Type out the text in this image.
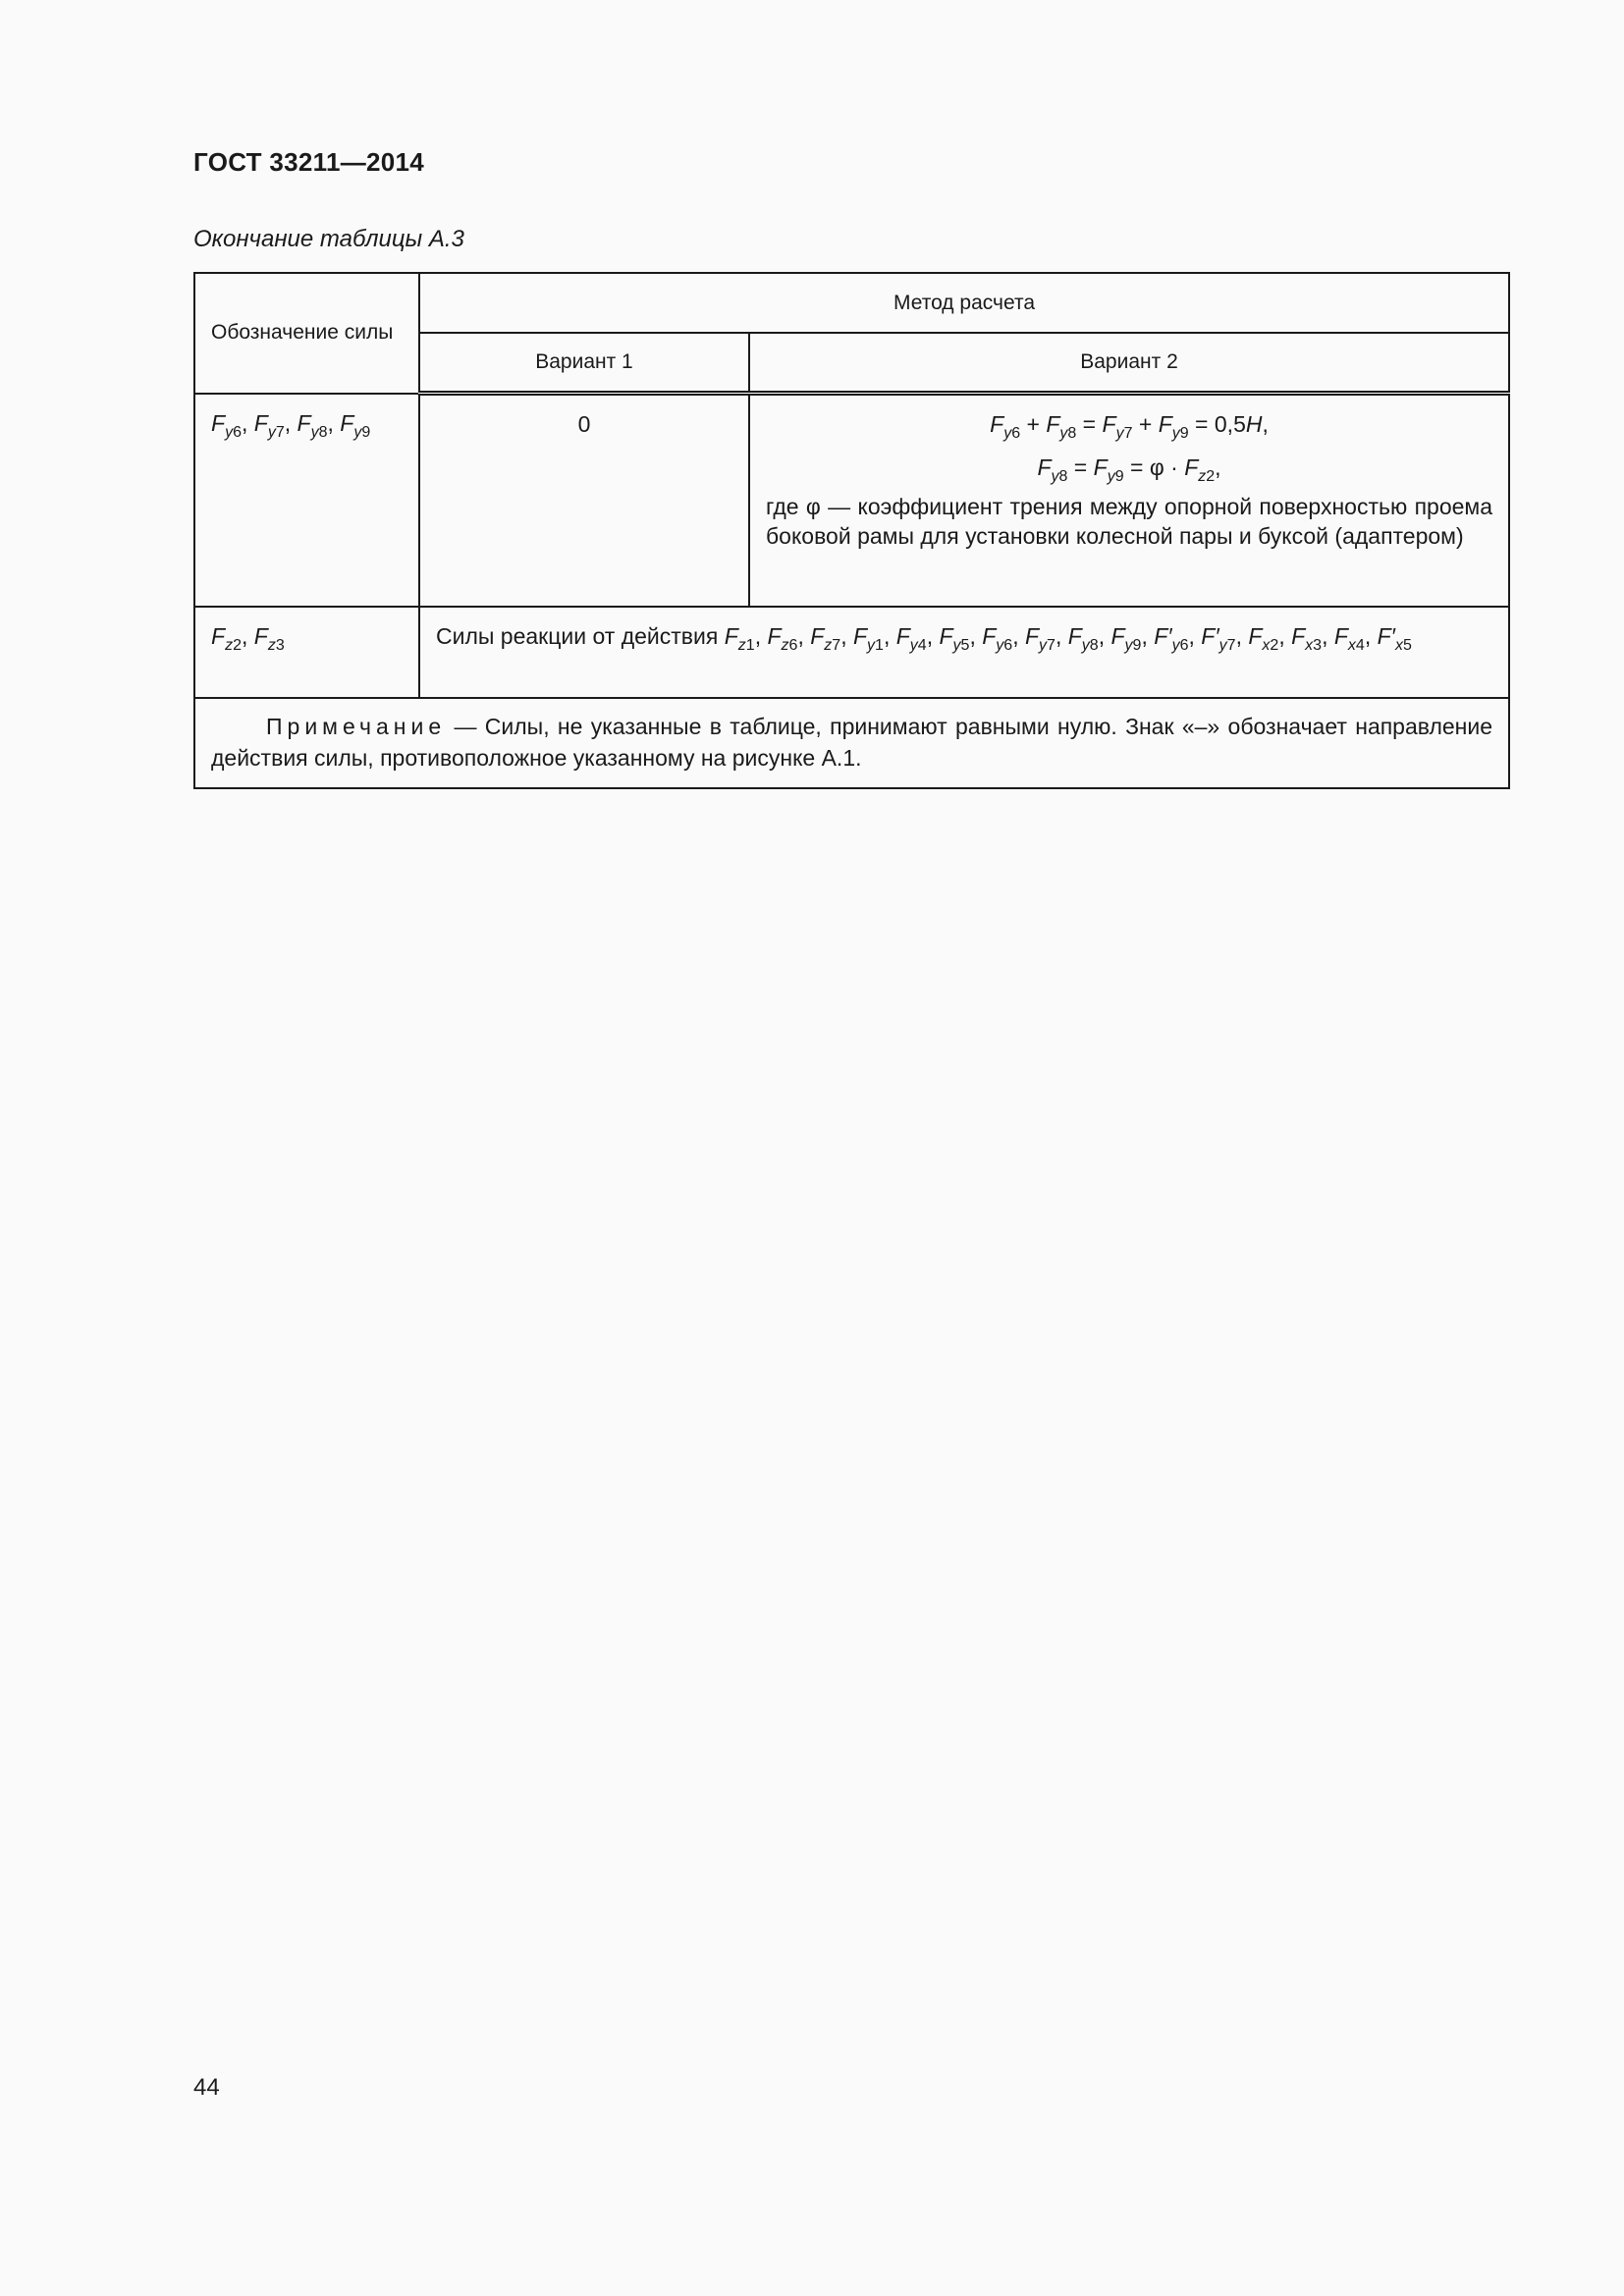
ГОСТ 33211—2014
Окончание таблицы А.3
Обозначение силы	Метод расчета	
	Вариант 1	Вариант 2
$F_{y6}$, $F_{y7}$, $F_{y8}$, $F_{y9}$	0	$F_{y6} + F_{y8} = F_{y7} + F_{y9} = 0,5H$,
$F_{y8} = F_{y9} = \varphi \cdot F_{z2}$,
где φ — коэффициент трения между опорной поверхностью проема боковой рамы для установки колесной пары и буксой (адаптером)

$F_{z2}$, $F_{z3}$	Силы реакции от действия $F_{z1}$, $F_{z6}$, $F_{z7}$, $F_{y1}$, $F_{y4}$, $F_{y5}$, $F_{y6}$, $F_{y7}$, $F_{y8}$, $F_{y9}$, $F'_{y6}$, $F'_{y7}$, $F_{x2}$, $F_{x3}$, $F_{x4}$, $F'_{x5}$

Примечание — Силы, не указанные в таблице, принимают равными нулю. Знак «–» обозначает направление действия силы, противоположное указанному на рисунке А.1.		
44
